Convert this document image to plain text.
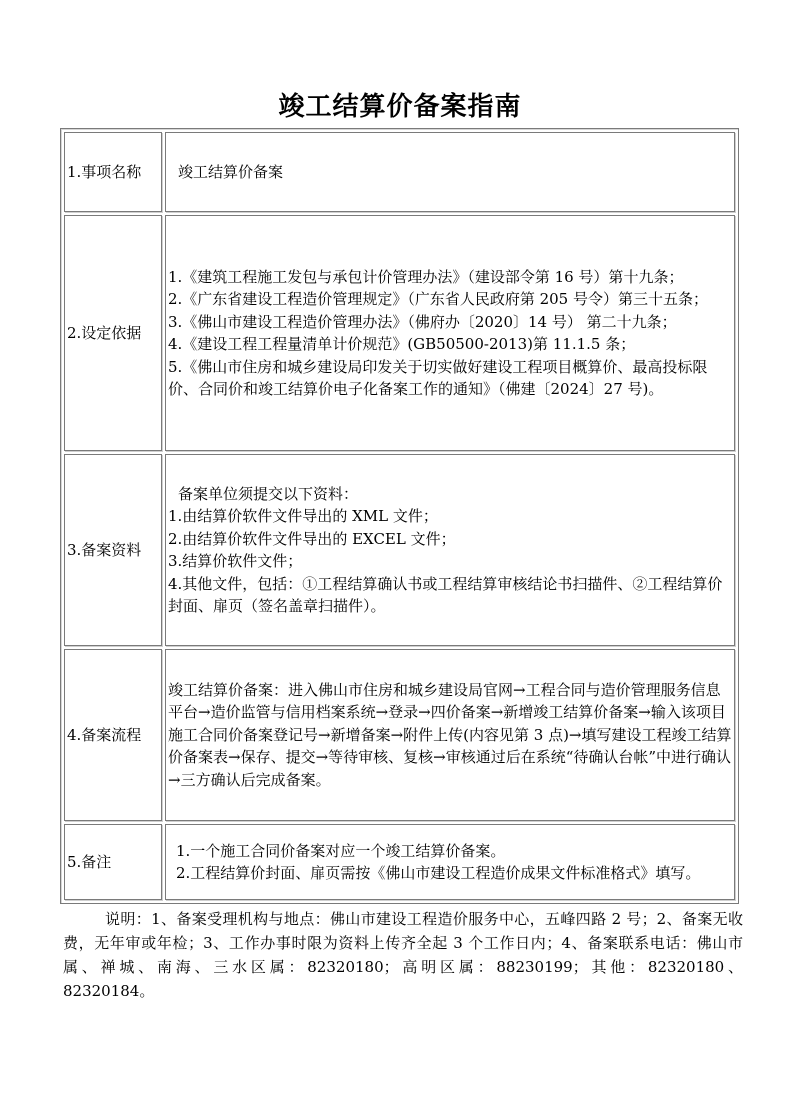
竣工结算价备案指南
1.事项名称	竣工结算价备案
2.设定依据	1.《建筑工程施工发包与承包计价管理办法》（建设部令第 16 号）第十九条；
2.《广东省建设工程造价管理规定》（广东省人民政府第 205 号令）第三十五条；
3.《佛山市建设工程造价管理办法》（佛府办〔2020〕14 号） 第二十九条；
4.《建设工程工程量清单计价规范》(GB50500-2013)第 11.1.5 条；
5.《佛山市住房和城乡建设局印发关于切实做好建设工程项目概算价、最高投标限价、合同价和竣工结算价电子化备案工作的通知》（佛建〔2024〕27 号)。

3.备案资料	备案单位须提交以下资料：
1.由结算价软件文件导出的 XML 文件；
2.由结算价软件文件导出的 EXCEL 文件；
3.结算价软件文件；
4.其他文件，包括：①工程结算确认书或工程结算审核结论书扫描件、②工程结算价封面、扉页（签名盖章扫描件）。

4.备案流程	竣工结算价备案：进入佛山市住房和城乡建设局官网→工程合同与造价管理服务信息平台→造价监管与信用档案系统→登录→四价备案→新增竣工结算价备案→输入该项目施工合同价备案登记号→新增备案→附件上传(内容见第 3 点)→填写建设工程竣工结算价备案表→保存、提交→等待审核、复核→审核通过后在系统“待确认台帐”中进行确认→三方确认后完成备案。
5.备注	1.一个施工合同价备案对应一个竣工结算价备案。
2.工程结算价封面、扉页需按《佛山市建设工程造价成果文件标准格式》填写。
说明：1、备案受理机构与地点：佛山市建设工程造价服务中心，五峰四路 2 号；2、备案无收费，无年审或年检；3、工作办事时限为资料上传齐全起 3 个工作日内；4、备案联系电话：佛山市属、禅城、南海、三水区属：82320180；高明区属：88230199；其他：82320180、82320184。
